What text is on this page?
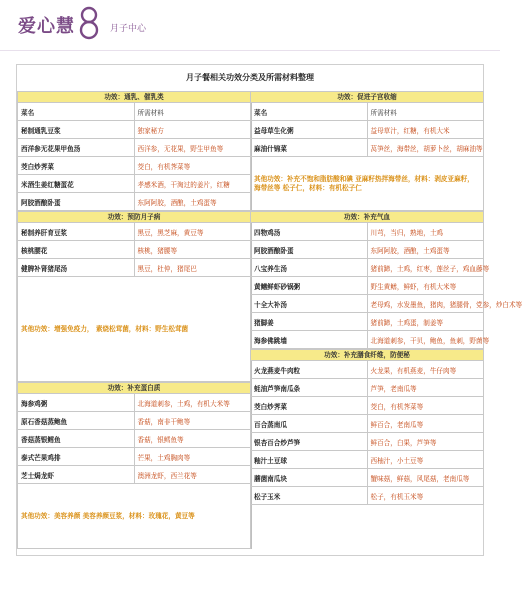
爱心慧	月子中心
月子餐相关功效分类及所需材料整理
功效：通乳、催乳类	
菜名	所需材料
秘制通乳豆浆	独家秘方
西洋参无花果甲鱼汤	西洋参，无花果，野生甲鱼等
茭白炒荠菜	茭白，有机荠菜等
米酒生姜红糖蛋花	孝感米酒，干淘过的姜片，红糖
阿胶酒酿卧蛋	东阿阿胶，酒酿，土鸡蛋等
功效：预防月子病	
秘制养肝育豆浆	黑豆，黑芝麻，黄豆等
核桃腰花	核桃，猪腰等
健脾补肾猪尾汤	黑豆，杜仲，猪尾巴
其他功效：增强免疫力， 素烧松茸菌，材料：野生松茸菌	
功效：补充蛋白质	
海参鸡粥	北海道刺参，土鸡，有机大米等
原石香菇蒸鲍鱼	香菇，南非干鲍等
香菇蒸银鳕鱼	香菇，银鳕鱼等
泰式芒果鸡排	芒果，土鸡胸肉等
芝士焗龙虾	澳洲龙虾，西兰花等
其他功效：美容养颜 美容养颜豆浆，材料：玫瑰花，黄豆等	
功效：促进子宫收缩	
菜名	所需材料
益母草生化粥	益母草汁，红糖，有机大米
麻油什锦菜	莴笋丝，海带丝，胡萝卜丝，胡麻油等
其他功效：补充不饱和脂肪酸和碘 亚麻籽热拌海带丝，材料：剥皮亚麻籽，海带丝等 松子仁，材料：有机松子仁	
功效：补充气血	
四物鸡汤	川芎，当归，熟地，土鸡
阿胶酒酿卧蛋	东阿阿胶，酒酿，土鸡蛋等
八宝养生汤	猪前蹄，土鸡，红枣，莲丝子，鸡血藤等
黄鳝鲜虾砂锅粥	野生黄鳝，鲜虾，有机大米等
十全大补汤	老母鸡，水发墨鱼，猪肉，猪腿骨，党参，炒白术等
猪脚姜	猪前蹄，土鸡蛋，制姜等
海参佛跳墙	北海道刺参，干贝，鲍鱼，鱼刺，野菌等
功效：补充膳食纤维，防便秘	
火龙燕麦牛肉粒	火龙果，有机燕麦，牛仔肉等
蚝油芦笋南瓜条	芦笋，老南瓜等
茭白炒荠菜	茭白，有机荠菜等
百合蒸南瓜	鲜百合，老南瓜等
银杏百合炒芦笋	鲜百合，白果，芦笋等
釉汁土豆球	西柚汁，小土豆等
蘑菌南瓜块	蟹味菇，鲜菇，风尾菇，老南瓜等
松子玉米	松子，有机玉米等
